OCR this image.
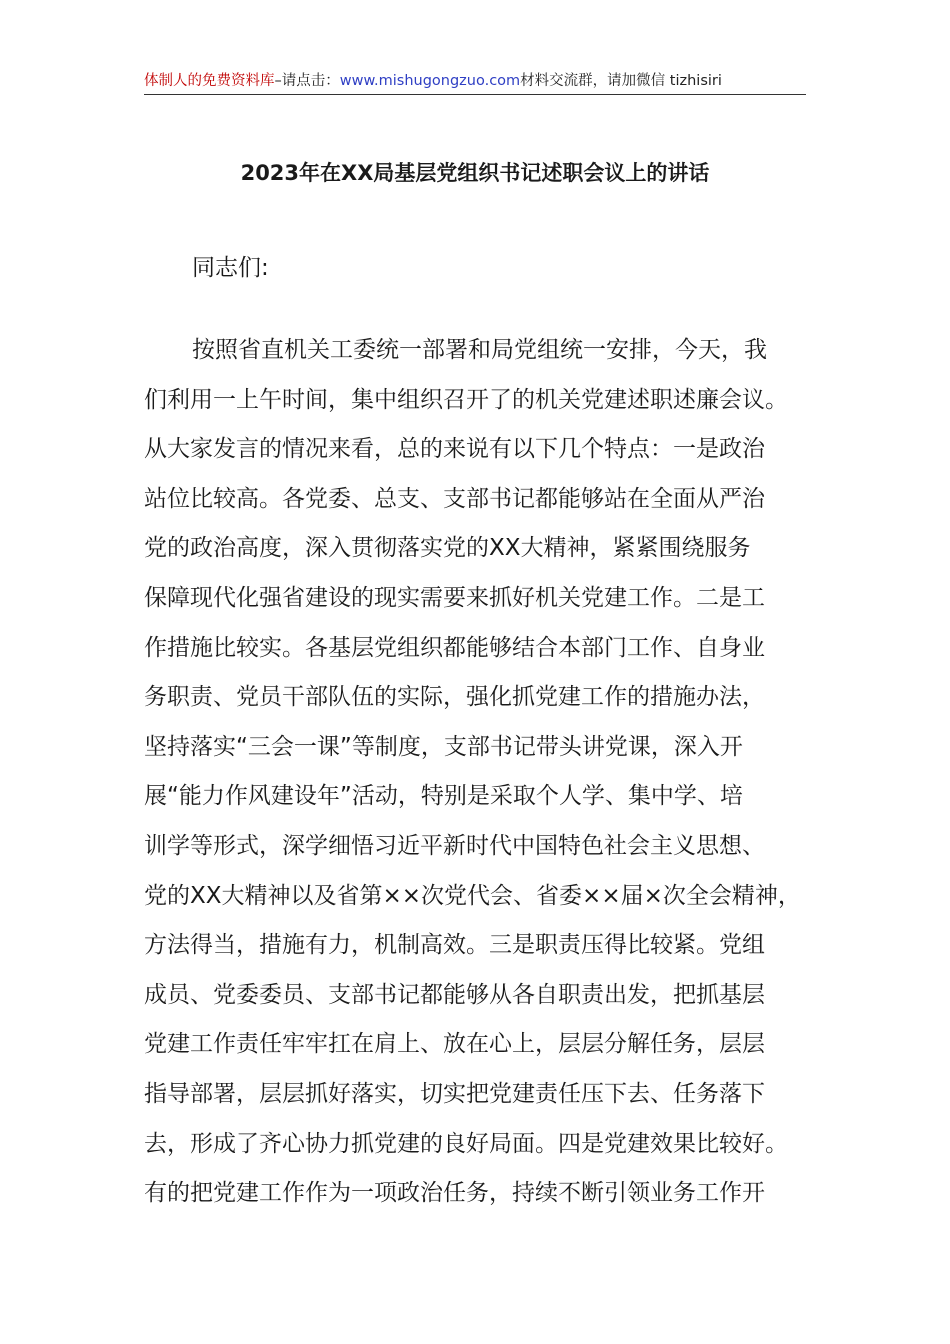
体制人的免费资料库–请点击：www.mishugongzuo.com材料交流群，请加微信 tizhisiri
2023年在XX局基层党组织书记述职会议上的讲话
同志们:
按照省直机关工委统一部署和局党组统一安排，今天，我
们利用一上午时间，集中组织召开了的机关党建述职述廉会议。
从大家发言的情况来看，总的来说有以下几个特点：一是政治
站位比较高。各党委、总支、支部书记都能够站在全面从严治
党的政治高度，深入贯彻落实党的XX大精神，紧紧围绕服务
保障现代化强省建设的现实需要来抓好机关党建工作。二是工
作措施比较实。各基层党组织都能够结合本部门工作、自身业
务职责、党员干部队伍的实际，强化抓党建工作的措施办法，
坚持落实“三会一课”等制度，支部书记带头讲党课，深入开
展“能力作风建设年”活动，特别是采取个人学、集中学、培
训学等形式，深学细悟习近平新时代中国特色社会主义思想、
党的XX大精神以及省第××次党代会、省委××届×次全会精神，
方法得当，措施有力，机制高效。三是职责压得比较紧。党组
成员、党委委员、支部书记都能够从各自职责出发，把抓基层
党建工作责任牢牢扛在肩上、放在心上，层层分解任务，层层
指导部署，层层抓好落实，切实把党建责任压下去、任务落下
去，形成了齐心协力抓党建的良好局面。四是党建效果比较好。
有的把党建工作作为一项政治任务，持续不断引领业务工作开
